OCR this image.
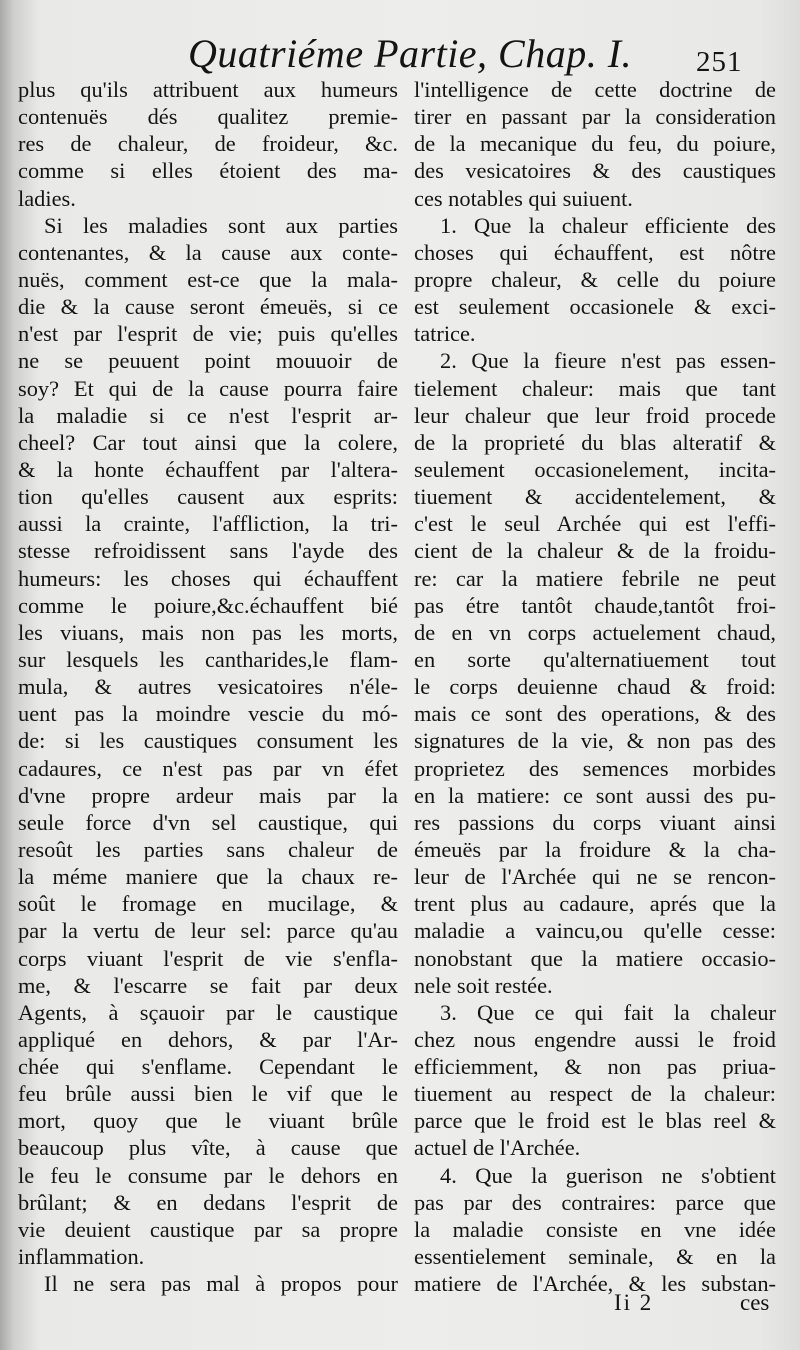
Quatriéme Partie, Chap. I. 251
plus qu'ils attribuent aux humeurs
contenuës dés qualitez premie-
res de chaleur, de froideur, &c.
comme si elles étoient des ma-
ladies.
Si les maladies sont aux parties
contenantes, & la cause aux conte-
nuës, comment est-ce que la mala-
die & la cause seront émeuës, si ce
n'est par l'esprit de vie; puis qu'elles
ne se peuuent point mouuoir de
soy? Et qui de la cause pourra faire
la maladie si ce n'est l'esprit ar-
cheel? Car tout ainsi que la colere,
& la honte échauffent par l'altera-
tion qu'elles causent aux esprits:
aussi la crainte, l'affliction, la tri-
stesse refroidissent sans l'ayde des
humeurs: les choses qui échauffent
comme le poiure,&c.échauffent bié
les viuans, mais non pas les morts,
sur lesquels les cantharides,le flam-
mula, & autres vesicatoires n'éle-
uent pas la moindre vescie du mó-
de: si les caustiques consument les
cadaures, ce n'est pas par vn éfet
d'vne propre ardeur mais par la
seule force d'vn sel caustique, qui
resoût les parties sans chaleur de
la méme maniere que la chaux re-
soût le fromage en mucilage, &
par la vertu de leur sel: parce qu'au
corps viuant l'esprit de vie s'enfla-
me, & l'escarre se fait par deux
Agents, à sçauoir par le caustique
appliqué en dehors, & par l'Ar-
chée qui s'enflame. Cependant le
feu brûle aussi bien le vif que le
mort, quoy que le viuant brûle
beaucoup plus vîte, à cause que
le feu le consume par le dehors en
brûlant; & en dedans l'esprit de
vie deuient caustique par sa propre
inflammation.
Il ne sera pas mal à propos pour
l'intelligence de cette doctrine de
tirer en passant par la consideration
de la mecanique du feu, du poiure,
des vesicatoires & des caustiques
ces notables qui suiuent.
1. Que la chaleur efficiente des
choses qui échauffent, est nôtre
propre chaleur, & celle du poiure
est seulement occasionele & exci-
tatrice.
2. Que la fieure n'est pas essen-
tielement chaleur: mais que tant
leur chaleur que leur froid procede
de la proprieté du blas alteratif &
seulement occasionelement, incita-
tiuement & accidentelement, &
c'est le seul Archée qui est l'effi-
cient de la chaleur & de la froidu-
re: car la matiere febrile ne peut
pas étre tantôt chaude,tantôt froi-
de en vn corps actuelement chaud,
en sorte qu'alternatiuement tout
le corps deuienne chaud & froid:
mais ce sont des operations, & des
signatures de la vie, & non pas des
proprietez des semences morbides
en la matiere: ce sont aussi des pu-
res passions du corps viuant ainsi
émeuës par la froidure & la cha-
leur de l'Archée qui ne se rencon-
trent plus au cadaure, aprés que la
maladie a vaincu,ou qu'elle cesse:
nonobstant que la matiere occasio-
nele soit restée.
3. Que ce qui fait la chaleur
chez nous engendre aussi le froid
efficiemment, & non pas priua-
tiuement au respect de la chaleur:
parce que le froid est le blas reel &
actuel de l'Archée.
4. Que la guerison ne s'obtient
pas par des contraires: parce que
la maladie consiste en vne idée
essentielement seminale, & en la
matiere de l'Archée, & les substan-
Ii 2	ces
